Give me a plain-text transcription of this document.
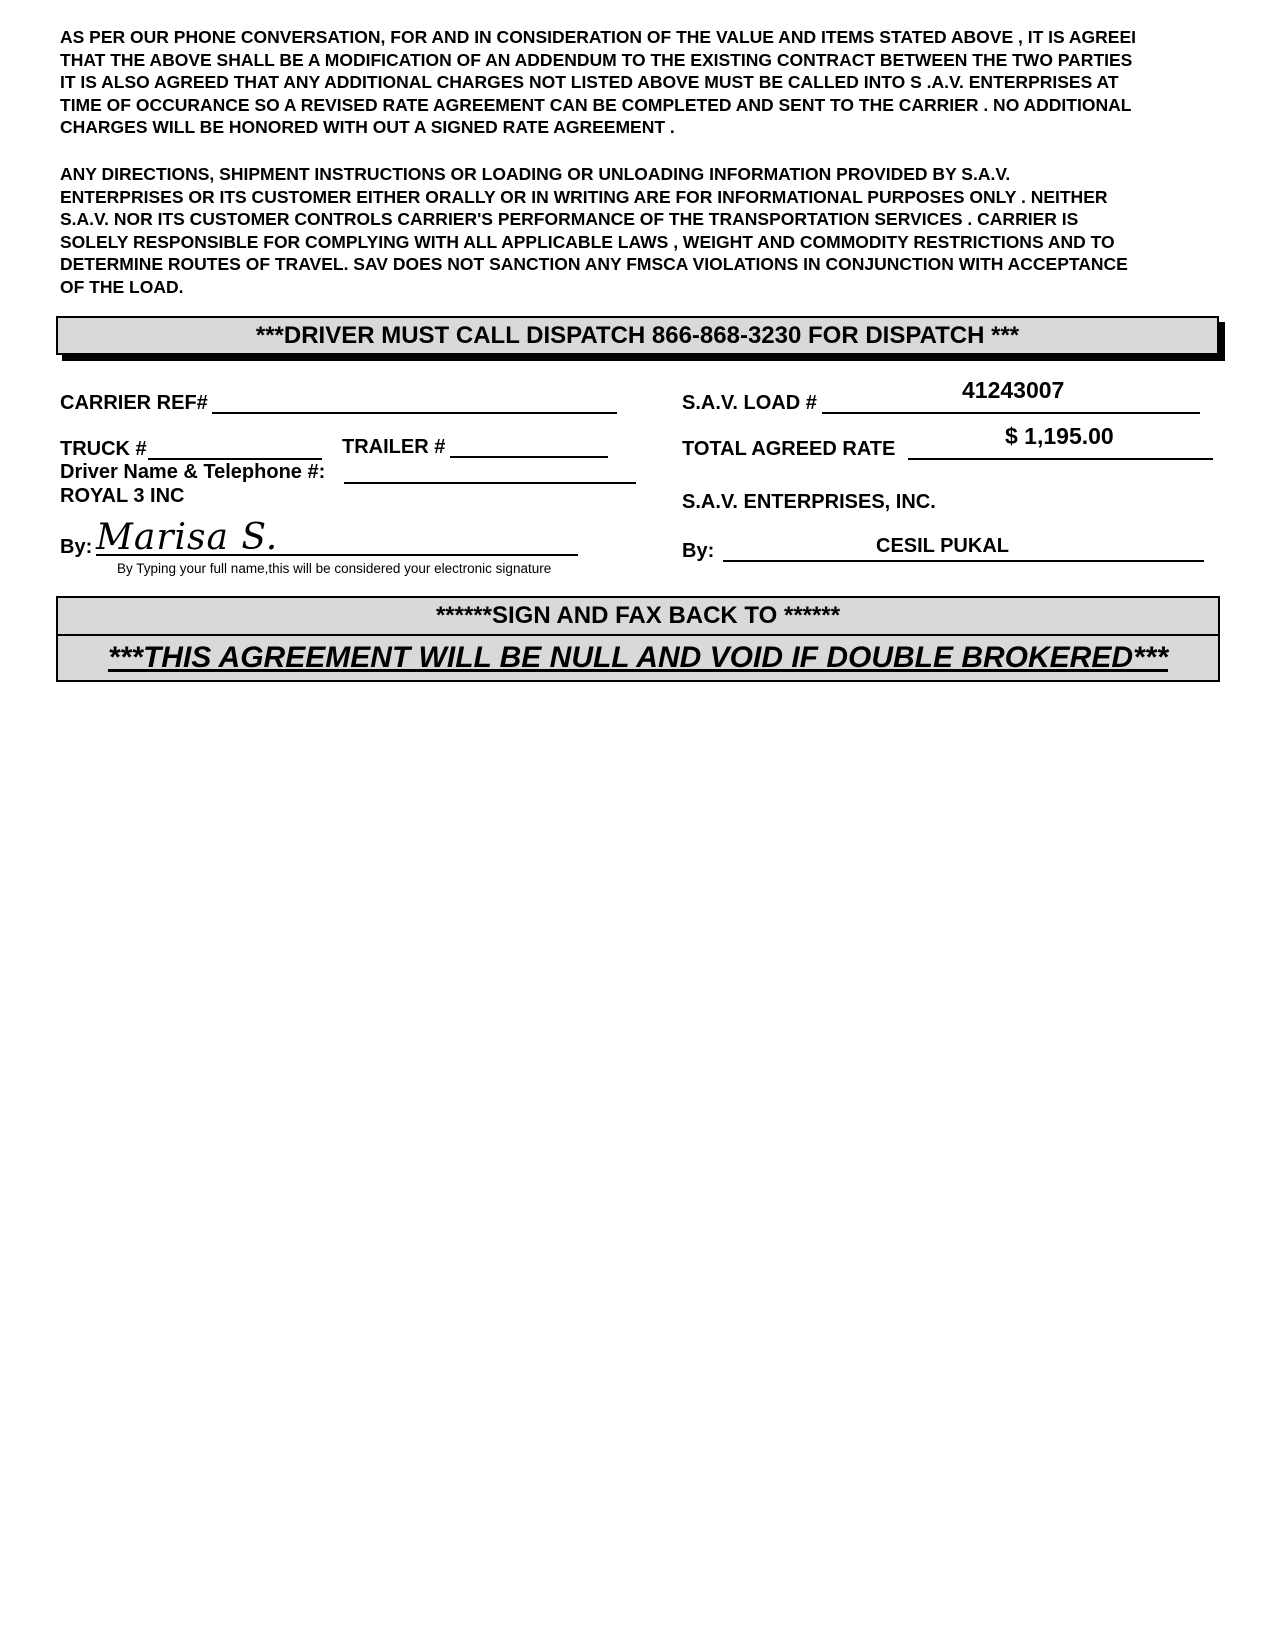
AS PER OUR PHONE CONVERSATION, FOR AND IN CONSIDERATION OF THE VALUE AND ITEMS STATED ABOVE , IT IS AGREEI
THAT THE ABOVE SHALL BE A MODIFICATION OF AN ADDENDUM TO THE EXISTING CONTRACT BETWEEN THE TWO PARTIES
IT IS ALSO AGREED THAT ANY ADDITIONAL CHARGES NOT LISTED ABOVE MUST BE CALLED INTO S .A.V. ENTERPRISES AT
TIME OF OCCURANCE SO A REVISED RATE AGREEMENT CAN BE COMPLETED AND SENT TO THE CARRIER . NO ADDITIONAL
CHARGES WILL BE HONORED WITH OUT A SIGNED RATE AGREEMENT .
ANY DIRECTIONS, SHIPMENT INSTRUCTIONS OR LOADING OR UNLOADING INFORMATION PROVIDED BY S.A.V.
ENTERPRISES OR ITS CUSTOMER EITHER ORALLY OR IN WRITING ARE FOR INFORMATIONAL PURPOSES ONLY . NEITHER
S.A.V. NOR ITS CUSTOMER CONTROLS CARRIER'S PERFORMANCE OF THE TRANSPORTATION SERVICES . CARRIER IS
SOLELY RESPONSIBLE FOR COMPLYING WITH ALL APPLICABLE LAWS , WEIGHT AND COMMODITY RESTRICTIONS AND TO
DETERMINE ROUTES OF TRAVEL. SAV DOES NOT SANCTION ANY FMSCA VIOLATIONS IN CONJUNCTION WITH ACCEPTANCE
OF THE LOAD.
***DRIVER MUST CALL DISPATCH 866-868-3230 FOR DISPATCH ***
CARRIER REF#
TRUCK #	TRAILER #
Driver Name & Telephone #:
ROYAL 3 INC
By: Marisa S.
By Typing your full name,this will be considered your electronic signature
S.A.V. LOAD #	41243007
TOTAL AGREED RATE	$ 1,195.00
S.A.V. ENTERPRISES, INC.
By:	CESIL PUKAL
******SIGN AND FAX BACK TO ******
***THIS AGREEMENT WILL BE NULL AND VOID IF DOUBLE BROKERED***
